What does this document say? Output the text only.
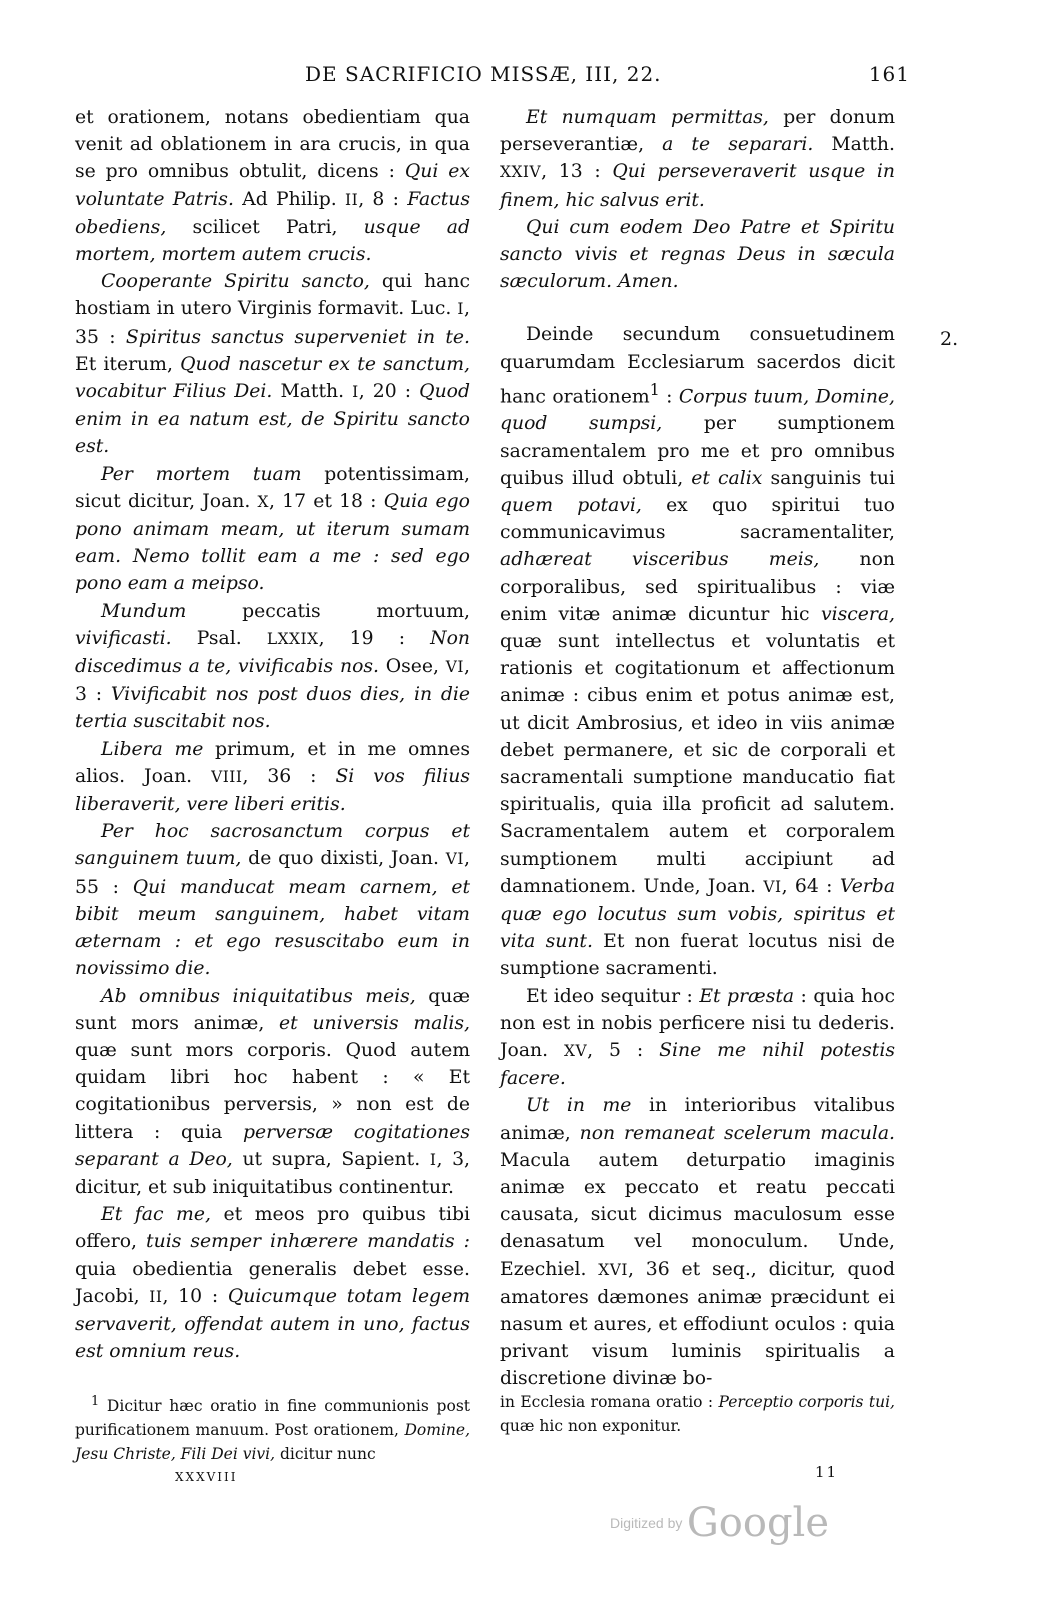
DE SACRIFICIO MISSÆ, III, 22.	161

et orationem, notans obedientiam qua venit ad oblationem in ara crucis, in qua se pro omnibus obtulit, dicens : Qui ex voluntate Patris. Ad Philip. II, 8 : Factus obediens, scilicet Patri, usque ad mortem, mortem autem crucis.

Cooperante Spiritu sancto, qui hanc hostiam in utero Virginis formavit. Luc. I, 35 : Spiritus sanctus superveniet in te. Et iterum, Quod nascetur ex te sanctum, vocabitur Filius Dei. Matth. I, 20 : Quod enim in ea natum est, de Spiritu sancto est.

Per mortem tuam potentissimam, sicut dicitur, Joan. X, 17 et 18 : Quia ego pono animam meam, ut iterum sumam eam. Nemo tollit eam a me : sed ego pono eam a meipso.

Mundum peccatis mortuum, vivificasti. Psal. LXXIX, 19 : Non discedimus a te, vivificabis nos. Osee, VI, 3 : Vivificabit nos post duos dies, in die tertia suscitabit nos.

Libera me primum, et in me omnes alios. Joan. VIII, 36 : Si vos filius liberaverit, vere liberi eritis.

Per hoc sacrosanctum corpus et sanguinem tuum, de quo dixisti, Joan. VI, 55 : Qui manducat meam carnem, et bibit meum sanguinem, habet vitam æternam : et ego resuscitabo eum in novissimo die.

Ab omnibus iniquitatibus meis, quæ sunt mors animæ, et universis malis, quæ sunt mors corporis. Quod autem quidam libri hoc habent : « Et cogitationibus perversis, » non est de littera : quia perversæ cogitationes separant a Deo, ut supra, Sapient. I, 3, dicitur, et sub iniquitatibus continentur.

Et fac me, et meos pro quibus tibi offero, tuis semper inhærere mandatis : quia obedientia generalis debet esse. Jacobi, II, 10 : Quicumque totam legem servaverit, offendat autem in uno, factus est omnium reus.

Et numquam permittas, per donum perseverantiæ, a te separari. Matth. XXIV, 13 : Qui perseveraverit usque in finem, hic salvus erit.

Qui cum eodem Deo Patre et Spiritu sancto vivis et regnas Deus in sæcula sæculorum. Amen.

Deinde secundum consuetudinem quarumdam Ecclesiarum sacerdos dicit hanc orationem$^1$ : Corpus tuum, Domine, quod sumpsi, per sumptionem sacramentalem pro me et pro omnibus quibus illud obtuli, et calix sanguinis tui quem potavi, ex quo spiritui tuo communicavimus sacramentaliter, adhæreat visceribus meis, non corporalibus, sed spiritualibus : viæ enim vitæ animæ dicuntur hic viscera, quæ sunt intellectus et voluntatis et rationis et cogitationum et affectionum animæ : cibus enim et potus animæ est, ut dicit Ambrosius, et ideo in viis animæ debet permanere, et sic de corporali et sacramentali sumptione manducatio fiat spiritualis, quia illa proficit ad salutem. Sacramentalem autem et corporalem sumptionem multi accipiunt ad damnationem. Unde, Joan. VI, 64 : Verba quæ ego locutus sum vobis, spiritus et vita sunt. Et non fuerat locutus nisi de sumptione sacramenti.

Et ideo sequitur : Et præsta : quia hoc non est in nobis perficere nisi tu dederis. Joan. XV, 5 : Sine me nihil potestis facere.

Ut in me in interioribus vitalibus animæ, non remaneat scelerum macula. Macula autem deturpatio imaginis animæ ex peccato et reatu peccati causata, sicut dicimus maculosum esse denasatum vel monoculum. Unde, Ezechiel. XVI, 36 et seq., dicitur, quod amatores dæmones animæ præcidunt ei nasum et aures, et effodiunt oculos : quia privant visum luminis spiritualis a discretione divinæ bo-

2.

$^1$ Dicitur hæc oratio in fine communionis post purificationem manuum. Post orationem, Domine, Jesu Christe, Fili Dei vivi, dicitur nunc

in Ecclesia romana oratio : Perceptio corporis tui, quæ hic non exponitur.

XXXVIII	11
Digitized by Google
